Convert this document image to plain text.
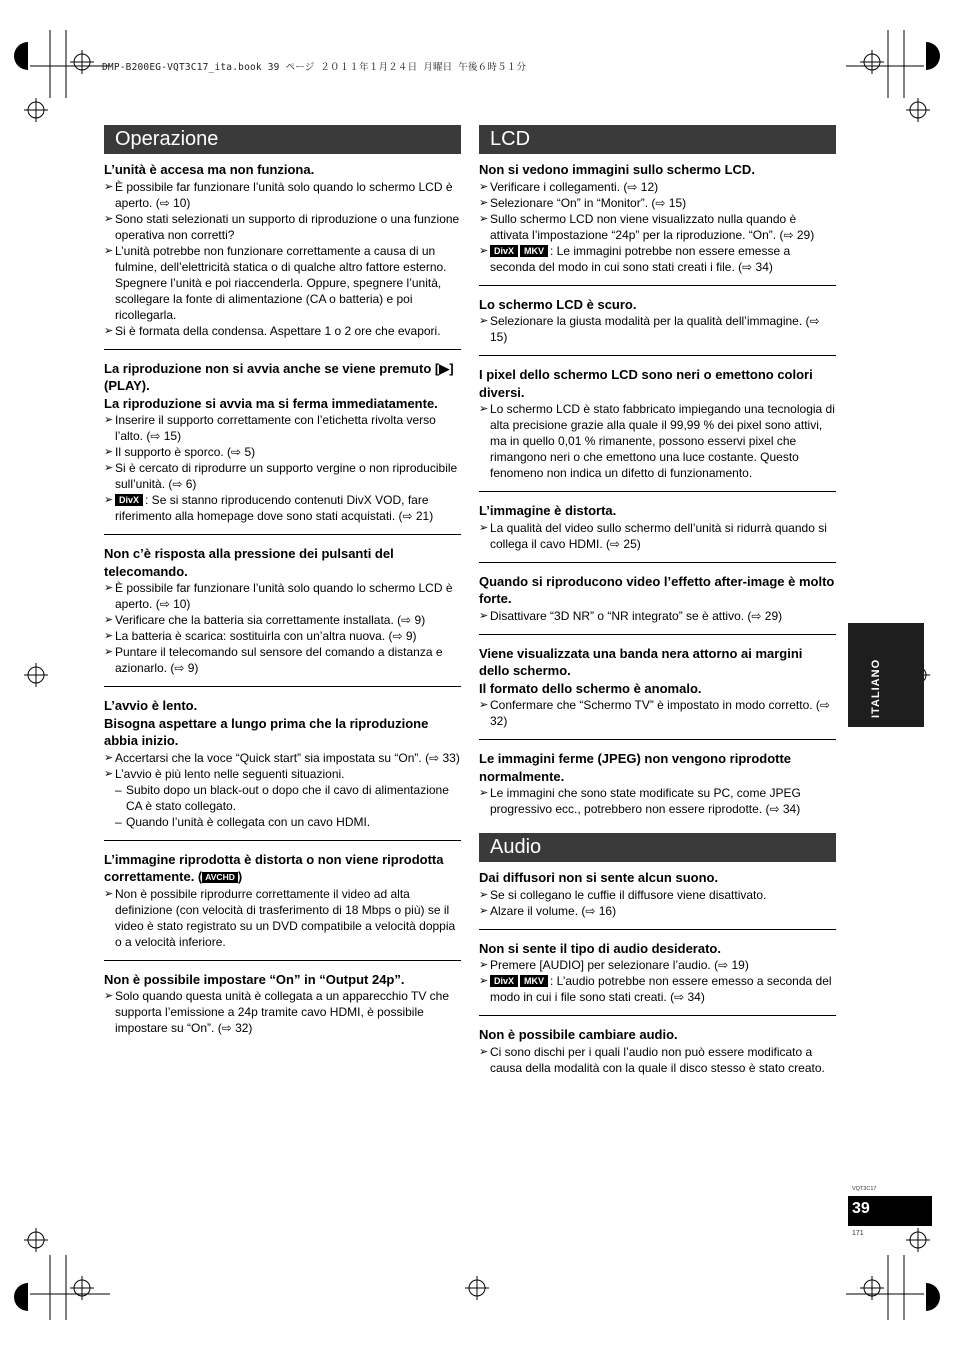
DMP-B200EG-VQT3C17_ita.book 39 ページ ２０１１年１月２４日 月曜日 午後６時５１分
Operazione

L’unità è accesa ma non funziona.

➢ È possibile far funzionare l’unità solo quando lo schermo LCD è aperto. (⇨ 10)

➢ Sono stati selezionati un supporto di riproduzione o una funzione operativa non corretti?

➢ L’unità potrebbe non funzionare correttamente a causa di un fulmine, dell’elettricità statica o di qualche altro fattore esterno. Spegnere l’unità e poi riaccenderla. Oppure, spegnere l’unità, scollegare la fonte di alimentazione (CA o batteria) e poi ricollegarla.

➢ Si è formata della condensa. Aspettare 1 o 2 ore che evapori.

La riproduzione non si avvia anche se viene premuto [▶] (PLAY).

La riproduzione si avvia ma si ferma immediatamente.

➢ Inserire il supporto correttamente con l’etichetta rivolta verso l’alto. (⇨ 15)

➢ Il supporto è sporco. (⇨ 5)

➢ Si è cercato di riprodurre un supporto vergine o non riproducibile sull’unità. (⇨ 6)

➢ DivX : Se si stanno riproducendo contenuti DivX VOD, fare riferimento alla homepage dove sono stati acquistati. (⇨ 21)

Non c’è risposta alla pressione dei pulsanti del telecomando.

➢ È possibile far funzionare l’unità solo quando lo schermo LCD è aperto. (⇨ 10)

➢ Verificare che la batteria sia correttamente installata. (⇨ 9)

➢ La batteria è scarica: sostituirla con un’altra nuova. (⇨ 9)

➢ Puntare il telecomando sul sensore del comando a distanza e azionarlo. (⇨ 9)

L’avvio è lento.

Bisogna aspettare a lungo prima che la riproduzione abbia inizio.

➢ Accertarsi che la voce “Quick start” sia impostata su “On”. (⇨ 33)

➢ L’avvio è più lento nelle seguenti situazioni.

– Subito dopo un black-out o dopo che il cavo di alimentazione CA è stato collegato.

– Quando l’unità è collegata con un cavo HDMI.

L’immagine riprodotta è distorta o non viene riprodotta correttamente. ( AVCHD )

➢ Non è possibile riprodurre correttamente il video ad alta definizione (con velocità di trasferimento di 18 Mbps o più) se il video è stato registrato su un DVD compatibile a velocità doppia o a velocità inferiore.

Non è possibile impostare “On” in “Output 24p”.

➢ Solo quando questa unità è collegata a un apparecchio TV che supporta l’emissione a 24p tramite cavo HDMI, è possibile impostare su “On”. (⇨ 32)

LCD

Non si vedono immagini sullo schermo LCD.

➢ Verificare i collegamenti. (⇨ 12)

➢ Selezionare “On” in “Monitor”. (⇨ 15)

➢ Sullo schermo LCD non viene visualizzato nulla quando è attivata l’impostazione “24p” per la riproduzione. “On”. (⇨ 29)

➢ DivX MKV : Le immagini potrebbe non essere emesse a seconda del modo in cui sono stati creati i file. (⇨ 34)

Lo schermo LCD è scuro.

➢ Selezionare la giusta modalità per la qualità dell’immagine. (⇨ 15)

I pixel dello schermo LCD sono neri o emettono colori diversi.

➢ Lo schermo LCD è stato fabbricato impiegando una tecnologia di alta precisione grazie alla quale il 99,99 % dei pixel sono attivi, ma in quello 0,01 % rimanente, possono esservi pixel che rimangono neri o che emettono una luce costante. Questo fenomeno non indica un difetto di funzionamento.

L’immagine è distorta.

➢ La qualità del video sullo schermo dell’unità si ridurrà quando si collega il cavo HDMI. (⇨ 25)

Quando si riproducono video l’effetto after-image è molto forte.

➢ Disattivare “3D NR” o “NR integrato” se è attivo. (⇨ 29)

Viene visualizzata una banda nera attorno ai margini dello schermo.

Il formato dello schermo è anomalo.

➢ Confermare che “Schermo TV” è impostato in modo corretto. (⇨ 32)

Le immagini ferme (JPEG) non vengono riprodotte normalmente.

➢ Le immagini che sono state modificate su PC, come JPEG progressivo ecc., potrebbero non essere riprodotte. (⇨ 34)

Audio

Dai diffusori non si sente alcun suono.

➢ Se si collegano le cuffie il diffusore viene disattivato.

➢ Alzare il volume. (⇨ 16)

Non si sente il tipo di audio desiderato.

➢ Premere [AUDIO] per selezionare l’audio. (⇨ 19)

➢ DivX MKV : L’audio potrebbe non essere emesso a seconda del modo in cui i file sono stati creati. (⇨ 34)

Non è possibile cambiare audio.

➢ Ci sono dischi per i quali l’audio non può essere modificato a causa della modalità con la quale il disco stesso è stato creato.

ITALIANO
VQT3C17
39
171
